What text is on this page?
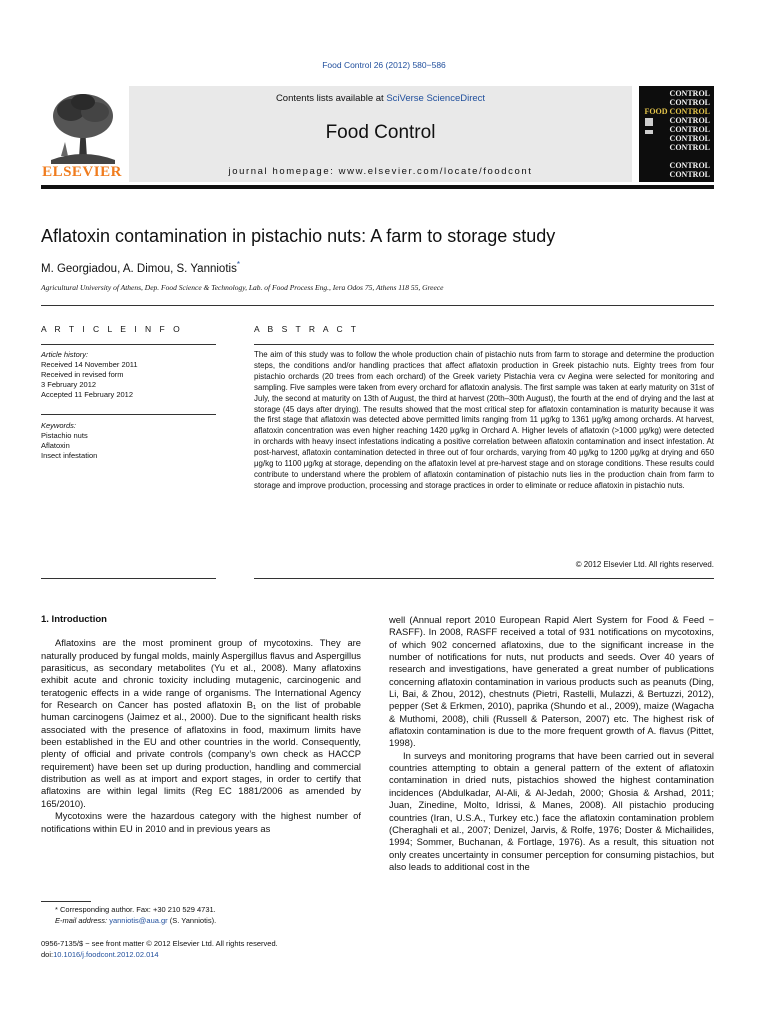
Food Control 26 (2012) 580−586
ELSEVIER
Contents lists available at SciVerse ScienceDirect
Food Control
journal homepage: www.elsevier.com/locate/foodcont
CONTROL
CONTROL
FOOD CONTROL
CONTROL
CONTROL
CONTROL
CONTROL
CONTROL
CONTROL
Aflatoxin contamination in pistachio nuts: A farm to storage study
M. Georgiadou, A. Dimou, S. Yanniotis*
Agricultural University of Athens, Dep. Food Science & Technology, Lab. of Food Process Eng., Iera Odos 75, Athens 118 55, Greece
A R T I C L E I N F O	A B S T R A C T
Article history:
Received 14 November 2011
Received in revised form
3 February 2012
Accepted 11 February 2012
Keywords:
Pistachio nuts
Aflatoxin
Insect infestation
The aim of this study was to follow the whole production chain of pistachio nuts from farm to storage and determine the production steps, the conditions and/or handling practices that affect aflatoxin production in Greek pistachio nuts. Eighty trees from four pistachio orchards (20 trees from each orchard) of the Greek variety Pistachia vera cv Aegina were selected for monitoring and sampling. Five samples were taken from every orchard for aflatoxin analysis. The first sample was taken at early maturity on 31st of July, the second at maturity on 13th of August, the third at harvest (20th–30th August), the fourth at the end of drying and the last at storage (45 days after drying). The results showed that the most critical step for aflatoxin contamination is maturity because it was the first stage that aflatoxin was detected above permitted limits ranging from 11 μg/kg to 1361 μg/kg among orchards. At harvest, aflatoxin concentration was even higher reaching 1420 μg/kg in Orchard A. Higher levels of aflatoxin (>1000 μg/kg) were detected in orchards with heavy insect infestations indicating a positive correlation between aflatoxin contamination and insect infestation. At post-harvest, aflatoxin contamination detected in three out of four orchards, varying from 40 μg/kg to 1200 μg/kg at drying and 650 μg/kg to 1100 μg/kg at storage, depending on the aflatoxin level at pre-harvest stage and on storage conditions. These results could contribute to understand where the problem of aflatoxin contamination of pistachio nuts lies in the production chain from farm to storage and improve production, processing and storage practices in order to eliminate or reduce aflatoxin in pistachio nuts.
© 2012 Elsevier Ltd. All rights reserved.
1. Introduction

Aflatoxins are the most prominent group of mycotoxins. They are naturally produced by fungal molds, mainly Aspergillus flavus and Aspergillus parasiticus, as secondary metabolites (Yu et al., 2008). Many aflatoxins exhibit acute and chronic toxicity including mutagenic, carcinogenic and teratogenic effects in a wide range of organisms. The International Agency for Research on Cancer has posted aflatoxin B₁ on the list of probable human carcinogens (Jaimez et al., 2000). Due to the significant health risks associated with the presence of aflatoxins in food, maximum limits have been established in the EU and other countries in the world. Consequently, plenty of official and private controls (company’s own check as HACCP requirement) have been set up during production, handling and commercial distribution as well as at import and export stages, in order to certify that aflatoxins are within legal limits (Reg EC 1881/2006 as amended by 165/2010).

Mycotoxins were the hazardous category with the highest number of notifications within EU in 2010 and in previous years as

well (Annual report 2010 European Rapid Alert System for Food & Feed − RASFF). In 2008, RASFF received a total of 931 notifications on mycotoxins, of which 902 concerned aflatoxins, due to the significant increase in the number of notifications for nuts, nut products and seeds. Over 40 years of research and investigations, have generated a great number of publications concerning aflatoxin contamination in various products such as peanuts (Ding, Li, Bai, & Zhou, 2012), chestnuts (Pietri, Rastelli, Mulazzi, & Bertuzzi, 2012), pepper (Set & Erkmen, 2010), paprika (Shundo et al., 2009), maize (Wagacha & Muthomi, 2008), chili (Russell & Paterson, 2007) etc. The highest risk of aflatoxin contamination is due to the more frequent growth of A. flavus (Pittet, 1998).

In surveys and monitoring programs that have been carried out in several countries attempting to obtain a general pattern of the extent of aflatoxin contamination in dried nuts, pistachios showed the highest contamination incidences (Abdulkadar, Al-Ali, & Al-Jedah, 2000; Ghosia & Arshad, 2011; Juan, Zinedine, Molto, Idrissi, & Manes, 2008). All pistachio producing countries (Iran, U.S.A., Turkey etc.) face the aflatoxin contamination problem (Cheraghali et al., 2007; Denizel, Jarvis, & Rolfe, 1976; Doster & Michailides, 1994; Sommer, Buchanan, & Fortlage, 1976). As a result, this situation not only creates uncertainty in consumer perception for consuming pistachios, but also leads to additional cost in the

* Corresponding author. Fax: +30 210 529 4731.
E-mail address: yanniotis@aua.gr (S. Yanniotis).
0956-7135/$ − see front matter © 2012 Elsevier Ltd. All rights reserved.
doi:10.1016/j.foodcont.2012.02.014
